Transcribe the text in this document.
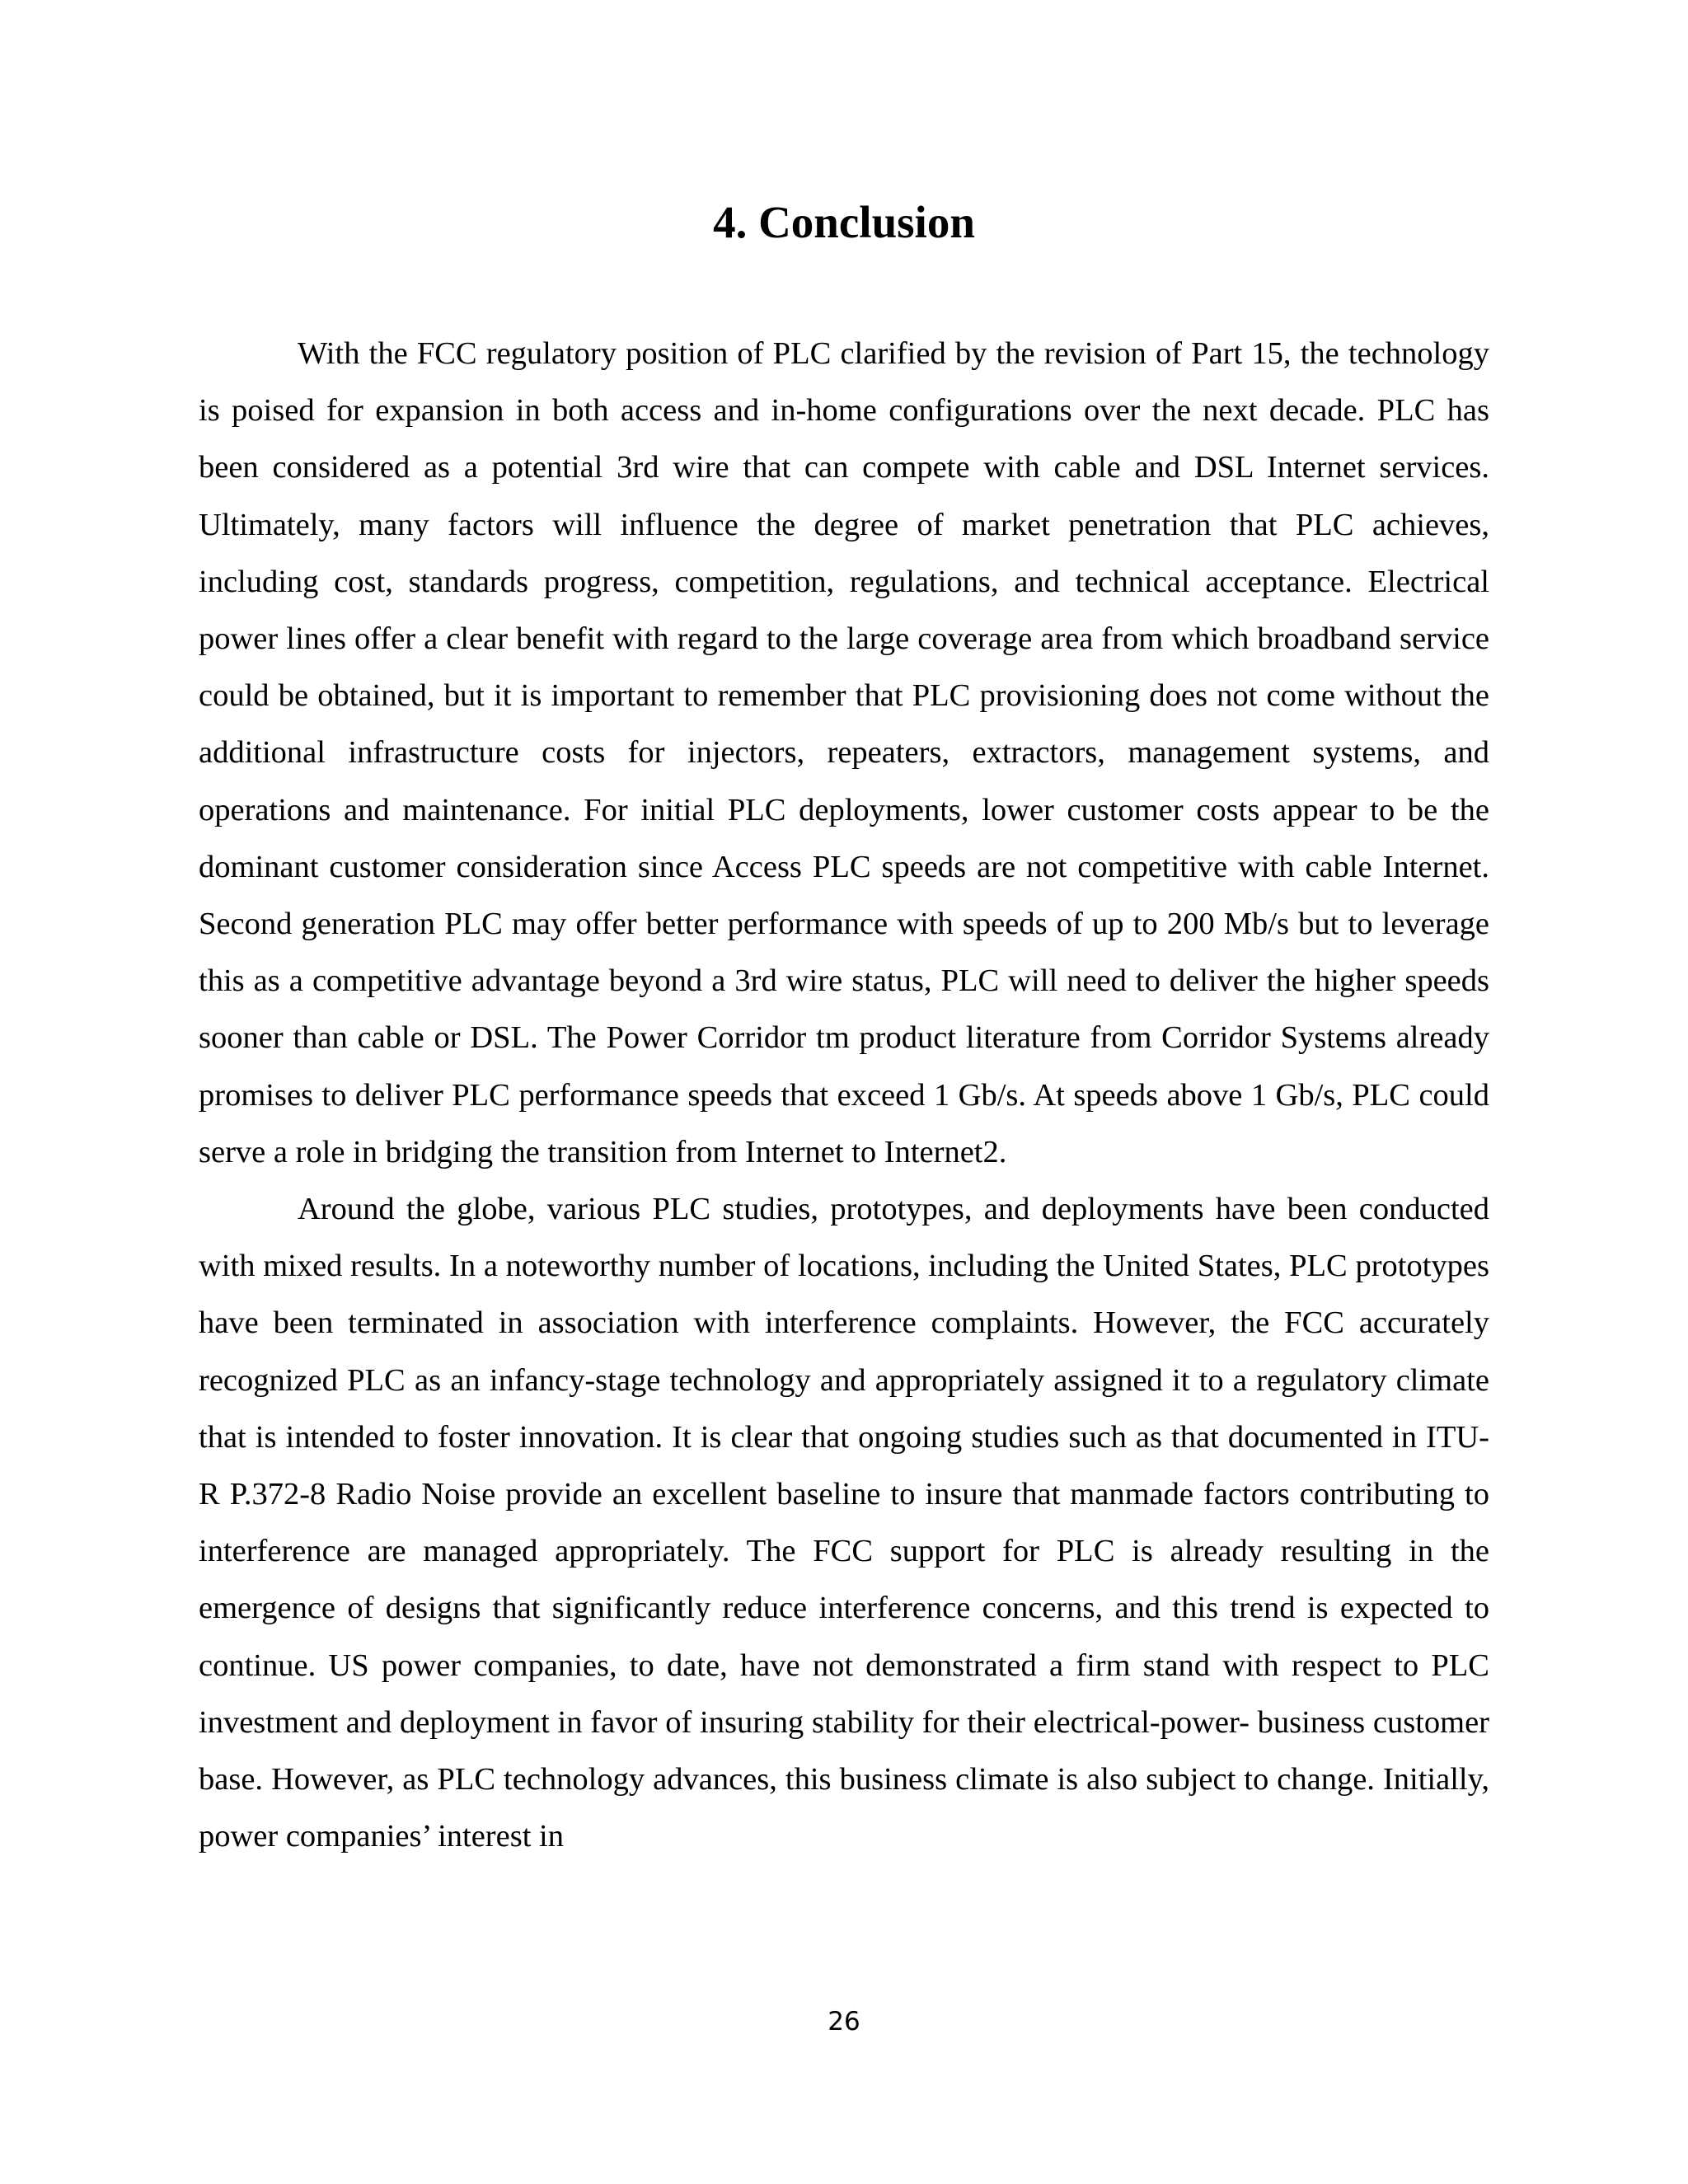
4. Conclusion

With the FCC regulatory position of PLC clarified by the revision of Part 15, the technology is poised for expansion in both access and in-home configurations over the next decade. PLC has been considered as a potential 3rd wire that can compete with cable and DSL Internet services. Ultimately, many factors will influence the degree of market penetration that PLC achieves, including cost, standards progress, competition, regulations, and technical acceptance. Electrical power lines offer a clear benefit with regard to the large coverage area from which broadband service could be obtained, but it is important to remember that PLC provisioning does not come without the additional infrastructure costs for injectors, repeaters, extractors, management systems, and operations and maintenance. For initial PLC deployments, lower customer costs appear to be the dominant customer consideration since Access PLC speeds are not competitive with cable Internet. Second generation PLC may offer better performance with speeds of up to 200 Mb/s but to leverage this as a competitive advantage beyond a 3rd wire status, PLC will need to deliver the higher speeds sooner than cable or DSL. The Power Corridor tm product literature from Corridor Systems already promises to deliver PLC performance speeds that exceed 1 Gb/s. At speeds above 1 Gb/s, PLC could serve a role in bridging the transition from Internet to Internet2.

Around the globe, various PLC studies, prototypes, and deployments have been conducted with mixed results. In a noteworthy number of locations, including the United States, PLC prototypes have been terminated in association with interference complaints. However, the FCC accurately recognized PLC as an infancy-stage technology and appropriately assigned it to a regulatory climate that is intended to foster innovation. It is clear that ongoing studies such as that documented in ITU-R P.372-8 Radio Noise provide an excellent baseline to insure that manmade factors contributing to interference are managed appropriately. The FCC support for PLC is already resulting in the emergence of designs that significantly reduce interference concerns, and this trend is expected to continue. US power companies, to date, have not demonstrated a firm stand with respect to PLC investment and deployment in favor of insuring stability for their electrical-power- business customer base. However, as PLC technology advances, this business climate is also subject to change. Initially, power companies’ interest in

26
